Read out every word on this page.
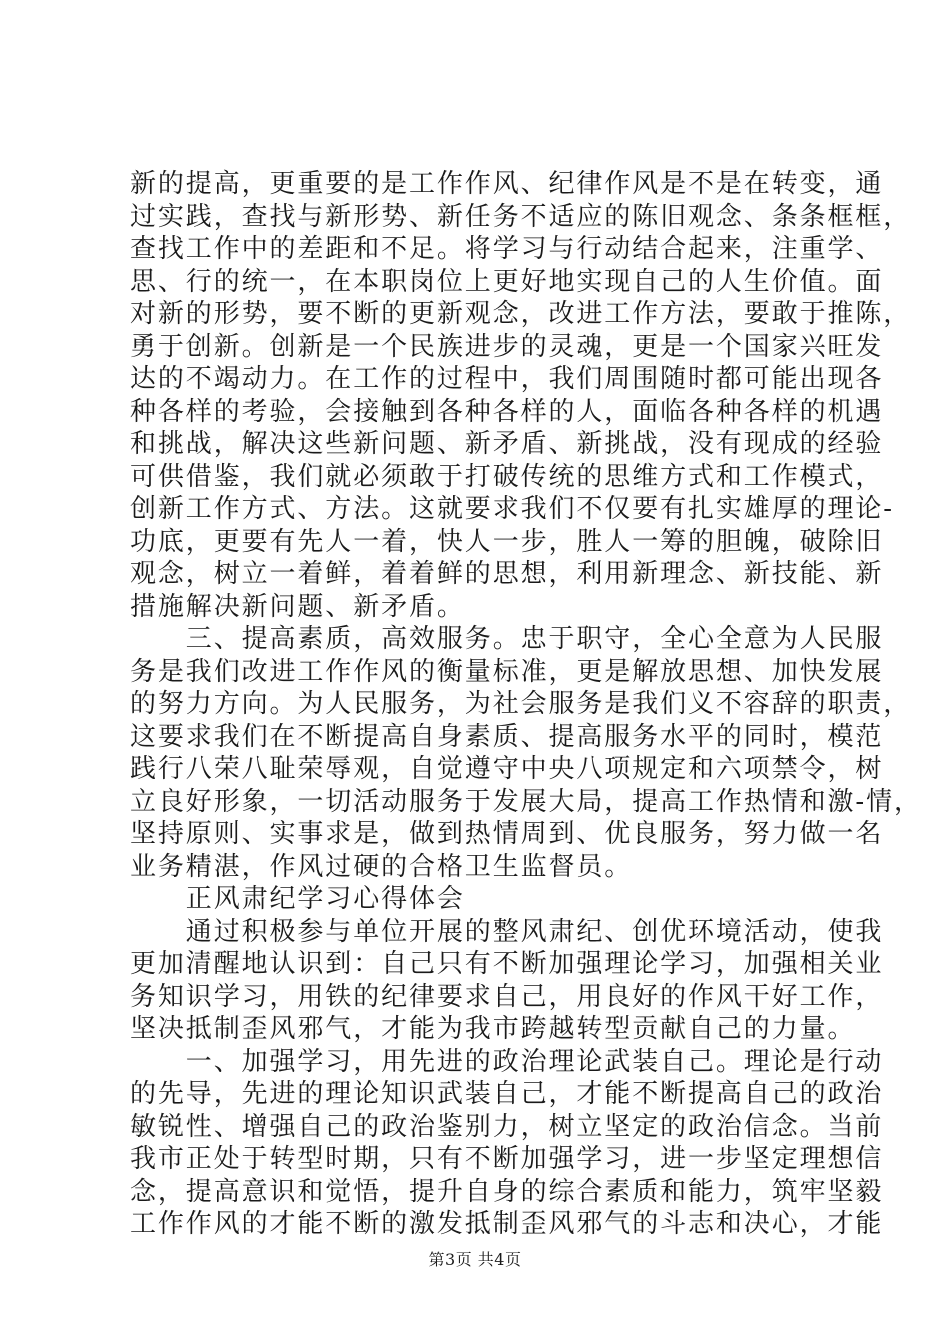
新的提高，更重要的是工作作风、纪律作风是不是在转变，通
过实践，查找与新形势、新任务不适应的陈旧观念、条条框框，
查找工作中的差距和不足。将学习与行动结合起来，注重学、
思、行的统一，在本职岗位上更好地实现自己的人生价值。面
对新的形势，要不断的更新观念，改进工作方法，要敢于推陈，
勇于创新。创新是一个民族进步的灵魂，更是一个国家兴旺发
达的不竭动力。在工作的过程中，我们周围随时都可能出现各
种各样的考验，会接触到各种各样的人，面临各种各样的机遇
和挑战，解决这些新问题、新矛盾、新挑战，没有现成的经验
可供借鉴，我们就必须敢于打破传统的思维方式和工作模式，
创新工作方式、方法。这就要求我们不仅要有扎实雄厚的理论-
功底，更要有先人一着，快人一步，胜人一筹的胆魄，破除旧
观念，树立一着鲜，着着鲜的思想，利用新理念、新技能、新
措施解决新问题、新矛盾。
　　三、提高素质，高效服务。忠于职守，全心全意为人民服
务是我们改进工作作风的衡量标准，更是解放思想、加快发展
的努力方向。为人民服务，为社会服务是我们义不容辞的职责，
这要求我们在不断提高自身素质、提高服务水平的同时，模范
践行八荣八耻荣辱观，自觉遵守中央八项规定和六项禁令，树
立良好形象，一切活动服务于发展大局，提高工作热情和激-情，
坚持原则、实事求是，做到热情周到、优良服务，努力做一名
业务精湛，作风过硬的合格卫生监督员。
　　正风肃纪学习心得体会
　　通过积极参与单位开展的整风肃纪、创优环境活动，使我
更加清醒地认识到：自己只有不断加强理论学习，加强相关业
务知识学习，用铁的纪律要求自己，用良好的作风干好工作，
坚决抵制歪风邪气，才能为我市跨越转型贡献自己的力量。
　　一、加强学习，用先进的政治理论武装自己。理论是行动
的先导，先进的理论知识武装自己，才能不断提高自己的政治
敏锐性、增强自己的政治鉴别力，树立坚定的政治信念。当前
我市正处于转型时期，只有不断加强学习，进一步坚定理想信
念，提高意识和觉悟，提升自身的综合素质和能力，筑牢坚毅
工作作风的才能不断的激发抵制歪风邪气的斗志和决心，才能
第3页 共4页
